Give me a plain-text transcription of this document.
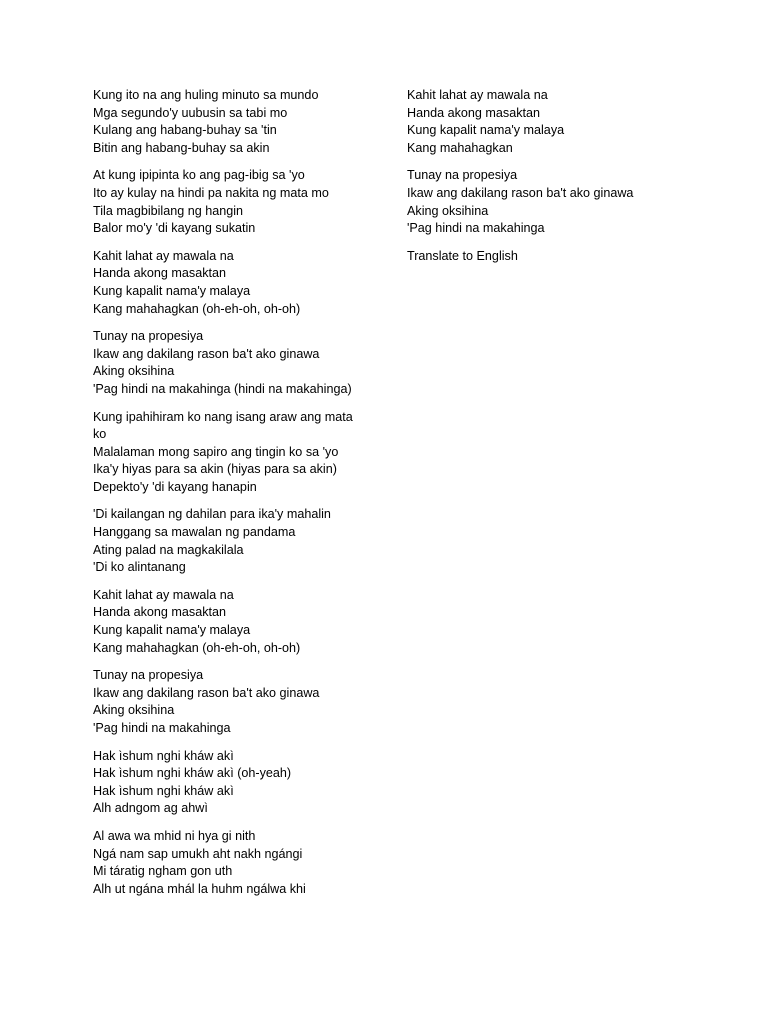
Kung ito na ang huling minuto sa mundo
Mga segundo'y uubusin sa tabi mo
Kulang ang habang-buhay sa 'tin
Bitin ang habang-buhay sa akin
At kung ipipinta ko ang pag-ibig sa 'yo
Ito ay kulay na hindi pa nakita ng mata mo
Tila magbibilang ng hangin
Balor mo'y 'di kayang sukatin
Kahit lahat ay mawala na
Handa akong masaktan
Kung kapalit nama'y malaya
Kang mahahagkan (oh-eh-oh, oh-oh)
Tunay na propesiya
Ikaw ang dakilang rason ba't ako ginawa
Aking oksihina
'Pag hindi na makahinga (hindi na makahinga)
Kung ipahihiram ko nang isang araw ang mata ko
Malalaman mong sapiro ang tingin ko sa 'yo
Ika'y hiyas para sa akin (hiyas para sa akin)
Depekto'y 'di kayang hanapin
'Di kailangan ng dahilan para ika'y mahalin
Hanggang sa mawalan ng pandama
Ating palad na magkakilala
'Di ko alintanang
Kahit lahat ay mawala na
Handa akong masaktan
Kung kapalit nama'y malaya
Kang mahahagkan (oh-eh-oh, oh-oh)
Tunay na propesiya
Ikaw ang dakilang rason ba't ako ginawa
Aking oksihina
'Pag hindi na makahinga
Hak ìshum nghi kháw akì
Hak ìshum nghi kháw akì (oh-yeah)
Hak ìshum nghi kháw akì
Alh adngom ag ahwì
Al awa wa mhid ni hya gi nith
Ngá nam sap umukh aht nakh ngángi
Mi táratig ngham gon uth
Alh ut ngána mhál la huhm ngálwa khi
Kahit lahat ay mawala na
Handa akong masaktan
Kung kapalit nama'y malaya
Kang mahahagkan
Tunay na propesiya
Ikaw ang dakilang rason ba't ako ginawa
Aking oksihina
'Pag hindi na makahinga
Translate to English
